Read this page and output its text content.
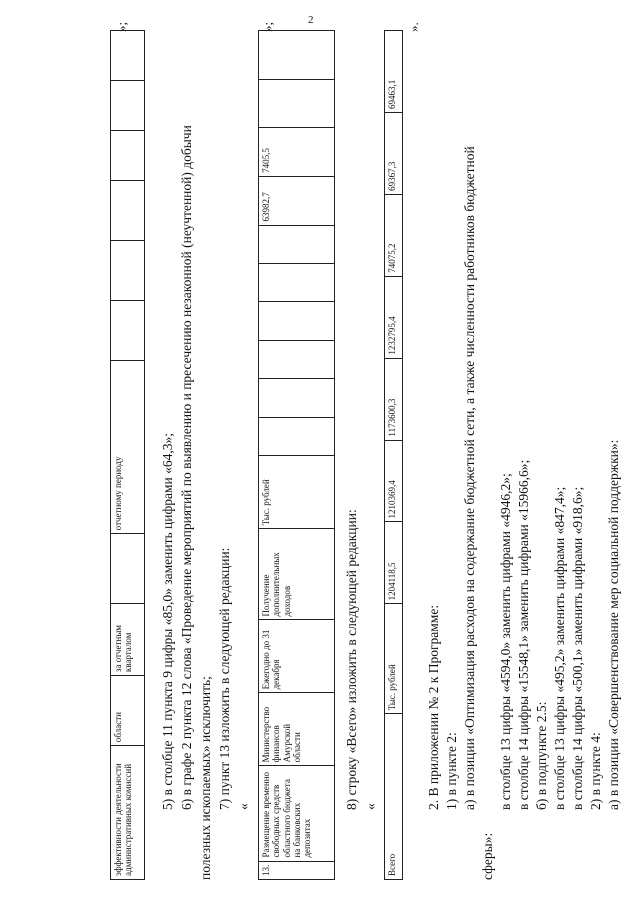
2
эффективности деятельности административных комиссий	области	за отчетным кварталом		отчетному периоду						
»;
5) в столбце 11 пункта 9 цифры «85,0» заменить цифрами «64,3»; 6) в графе 2 пункта 12 слова «Проведение мероприятий по выявлению и пресечению незаконной (неучтенной) добычи полезных ископаемых» исключить; 7) пункт 13 изложить в следующей редакции: «
13.	Размещение временно свободных средств областного бюджета на банковских депозитах	Министерство финансов Амурской области	Ежегодно до 31 декабря	Получение дополнительных доходов	Тыс. рублей							63982,7	7405,5		
»;
8) строку «Всего» изложить в следующей редакции: «
Всего	Тыс. рублей	1204118,5	1210369,4	1173600,3	1232795,4	74075,2	69367,3	69463,1
».
2. В приложении № 2 к Программе: 1) в пункте 2: а) в позиции «Оптимизация расходов на содержание бюджетной сети, а также численности работников бюджетной
сферы»:
в столбце 13 цифры «4594,0» заменить цифрами «4946,2»; в столбце 14 цифры «15548,1» заменить цифрами «15966,6»; б) в подпункте 2.5: в столбце 13 цифры «495,2» заменить цифрами «847,4»; в столбце 14 цифры «500,1» заменить цифрами «918,6»; 2) в пункте 4: а) в позиции «Совершенствование мер социальной поддержки»:
